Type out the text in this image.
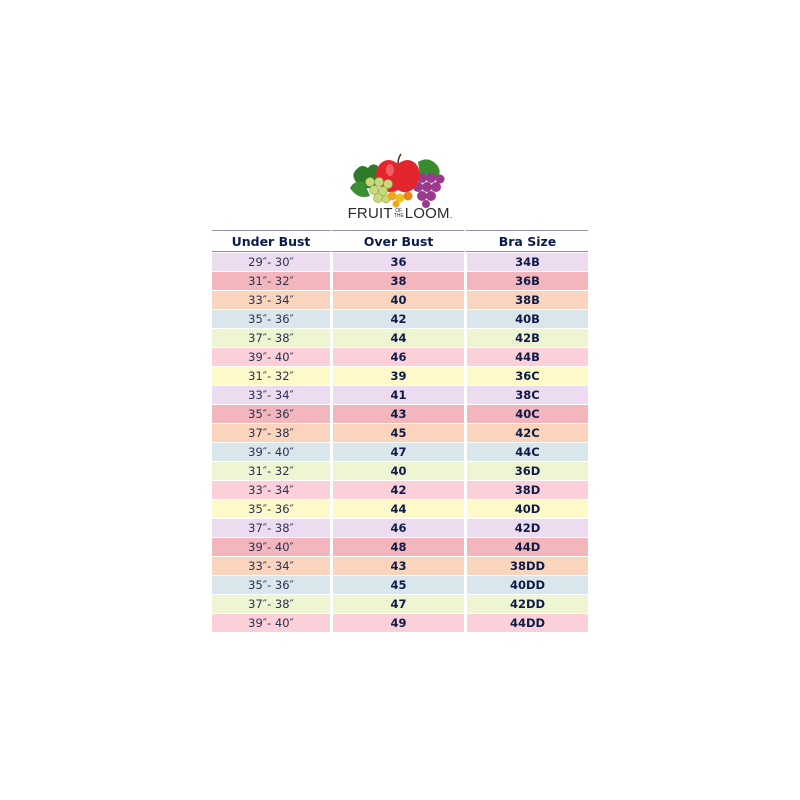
FRUIT OF
THE LOOM.
Under Bust	Over Bust	Bra Size
29″- 30″	36	34B
31″- 32″	38	36B
33″- 34″	40	38B
35″- 36″	42	40B
37″- 38″	44	42B
39″- 40″	46	44B
31″- 32″	39	36C
33″- 34″	41	38C
35″- 36″	43	40C
37″- 38″	45	42C
39″- 40″	47	44C
31″- 32″	40	36D
33″- 34″	42	38D
35″- 36″	44	40D
37″- 38″	46	42D
39″- 40″	48	44D
33″- 34″	43	38DD
35″- 36″	45	40DD
37″- 38″	47	42DD
39″- 40″	49	44DD
